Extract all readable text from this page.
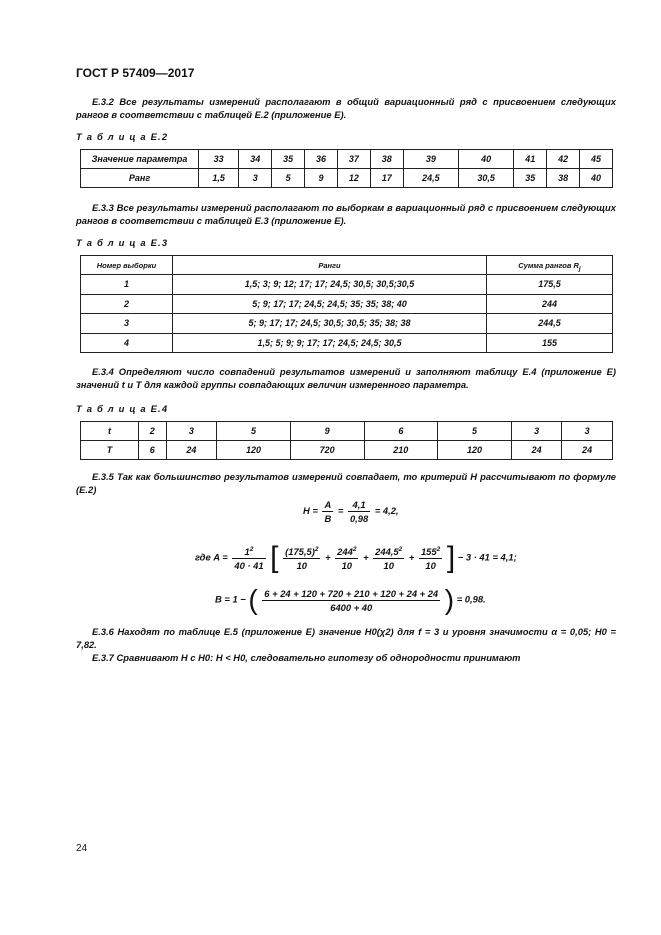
ГОСТ Р 57409—2017

Е.3.2 Все результаты измерений располагают в общий вариационный ряд с присвоением следующих рангов в соответствии с таблицей Е.2 (приложение Е).

Т а б л и ц а Е.2
Значение параметра	33	34	35	36	37	38	39	40	41	42	45
Ранг	1,5	3	5	9	12	17	24,5	30,5	35	38	40

Е.3.3 Все результаты измерений располагают по выборкам в вариационный ряд с присвоением следующих рангов в соответствии с таблицей Е.3 (приложение Е).

Т а б л и ц а Е.3
Номер выборки	Ранги	Сумма рангов $R_j$
1	1,5; 3; 9; 12; 17; 17; 24,5; 30,5; 30,5;30,5	175,5
2	5; 9; 17; 17; 24,5; 24,5; 35; 35; 38; 40	244
3	5; 9; 17; 17; 24,5; 30,5; 30,5; 35; 38; 38	244,5
4	1,5; 5; 9; 9; 17; 17; 24,5; 24,5; 30,5	155

Е.3.4 Определяют число совпадений результатов измерений и заполняют таблицу Е.4 (приложение Е) значений t и T для каждой группы совпадающих величин измеренного параметра.

Т а б л и ц а Е.4
t	2	3	5	9	6	5	3	3
T	6	24	120	720	210	120	24	24

Е.3.5 Так как большинство результатов измерений совпадает, то критерий Н рассчитывают по формуле (Е.2)

$H = \frac{A}{B} = \frac{4,1}{0,98} = 4,2$,
где $A = \frac{1^2}{40 \cdot 41}$ [ $\frac{(175,5)^2}{10} + \frac{244^2}{10} + \frac{244,5^2}{10} + \frac{155^2}{10}$ ] − 3 · 41 = 4,1;
B = 1 − ( $\frac{6 + 24 + 120 + 720 + 210 + 120 + 24 + 24}{6400 + 40}$ ) = 0,98.

Е.3.6 Находят по таблице Е.5 (приложение Е) значение H0(χ2) для f = 3 и уровня значимости α = 0,05; H0 = 7,82.

Е.3.7 Сравнивают H с H0: H < H0, следовательно гипотезу об однородности принимают

24
